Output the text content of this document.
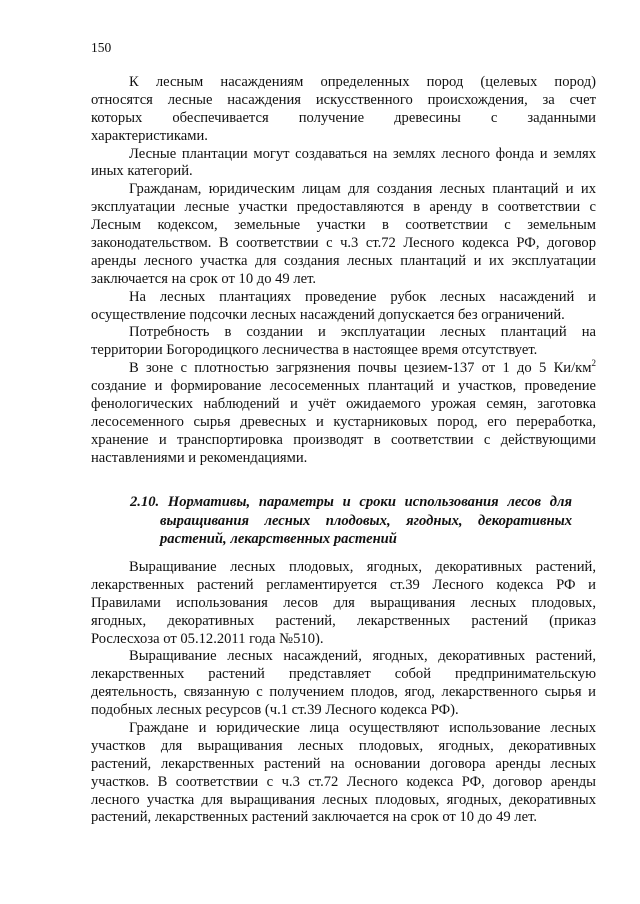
150
К лесным насаждениям определенных пород (целевых пород)
относятся лесные насаждения искусственного происхождения, за счет
которых обеспечивается получение древесины с заданными
характеристиками.
Лесные плантации могут создаваться на землях лесного фонда и землях
иных категорий.
Гражданам, юридическим лицам для создания лесных плантаций и их
эксплуатации лесные участки предоставляются в аренду в соответствии с
Лесным кодексом, земельные участки в соответствии с земельным
законодательством. В соответствии с ч.3 ст.72 Лесного кодекса РФ, договор
аренды лесного участка для создания лесных плантаций и их эксплуатации
заключается на срок от 10 до 49 лет.
На лесных плантациях проведение рубок лесных насаждений и
осуществление подсочки лесных насаждений допускается без ограничений.
Потребность в создании и эксплуатации лесных плантаций на
территории Богородицкого лесничества в настоящее время отсутствует.
В зоне с плотностью загрязнения почвы цезием-137 от 1 до 5 $Ки/км^2$
создание и формирование лесосеменных плантаций и участков, проведение
фенологических наблюдений и учёт ожидаемого урожая семян, заготовка
лесосеменного сырья древесных и кустарниковых пород, его переработка,
хранение и транспортировка производят в соответствии с действующими
наставлениями и рекомендациями.
2.10. Нормативы, параметры и сроки использования лесов для
выращивания лесных плодовых, ягодных, декоративных
растений, лекарственных растений
Выращивание лесных плодовых, ягодных, декоративных растений,
лекарственных растений регламентируется ст.39 Лесного кодекса РФ и
Правилами использования лесов для выращивания лесных плодовых,
ягодных, декоративных растений, лекарственных растений (приказ
Рослесхоза от 05.12.2011 года №510).
Выращивание лесных насаждений, ягодных, декоративных растений,
лекарственных растений представляет собой предпринимательскую
деятельность, связанную с получением плодов, ягод, лекарственного сырья и
подобных лесных ресурсов (ч.1 ст.39 Лесного кодекса РФ).
Граждане и юридические лица осуществляют использование лесных
участков для выращивания лесных плодовых, ягодных, декоративных
растений, лекарственных растений на основании договора аренды лесных
участков. В соответствии с ч.3 ст.72 Лесного кодекса РФ, договор аренды
лесного участка для выращивания лесных плодовых, ягодных, декоративных
растений, лекарственных растений заключается на срок от 10 до 49 лет.
